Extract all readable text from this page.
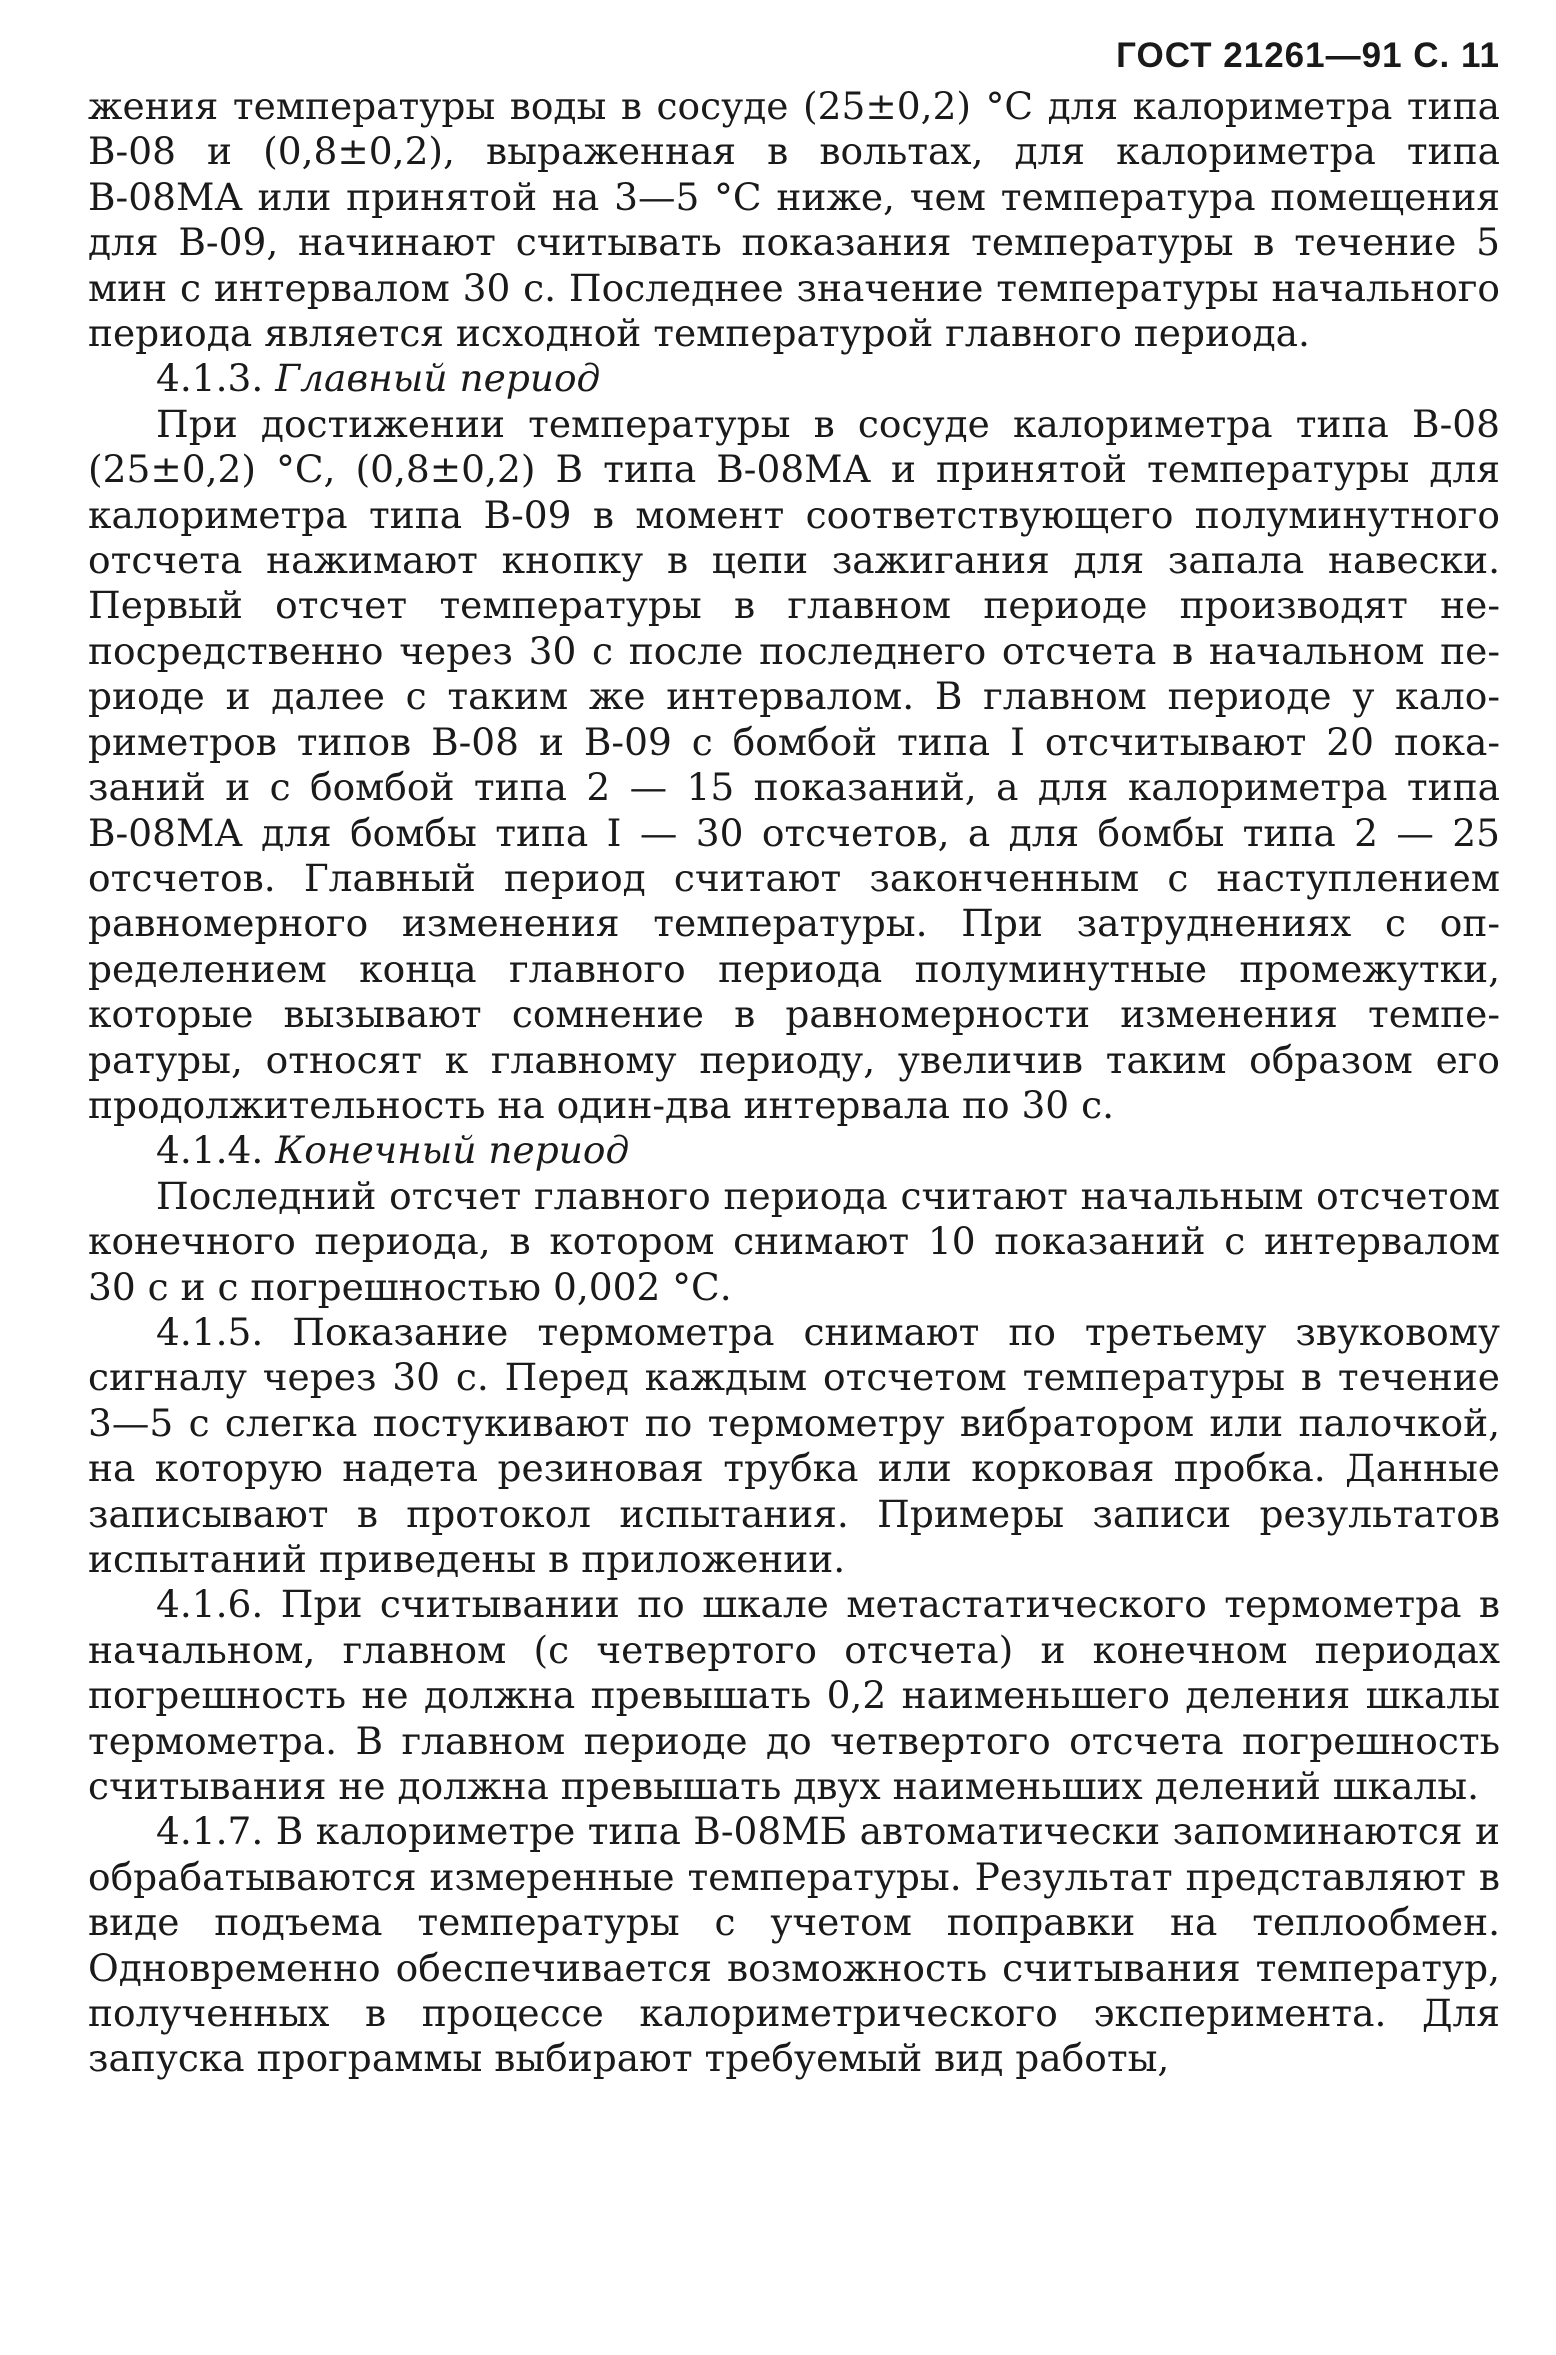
ГОСТ 21261—91 С. 11

жения температуры воды в сосуде (25±0,2) °С для калориметра типа В-08 и (0,8±0,2), выраженная в вольтах, для калориметра типа В-08МА или принятой на 3—5 °С ниже, чем температура помещения для В-09, начинают считывать показания температуры в течение 5 мин с интервалом 30 с. Последнее значение температуры начального периода является исходной температурой главного периода.

4.1.3. Главный период

При достижении температуры в сосуде калориметра типа В-08 (25±0,2) °С, (0,8±0,2) В типа В-08МА и принятой температуры для калориметра типа В-09 в момент соответствующего полуминутного отсчета нажимают кнопку в цепи зажигания для запала навески. Первый отсчет температуры в главном периоде производят непосредственно через 30 с после последнего отсчета в начальном периоде и далее с таким же интервалом. В главном периоде у калориметров типов В-08 и В-09 с бомбой типа I отсчитывают 20 показаний и с бомбой типа 2 — 15 показаний, а для калориметра типа В-08МА для бомбы типа I — 30 отсчетов, а для бомбы типа 2 — 25 отсчетов. Главный период считают законченным с наступлением равномерного изменения температуры. При затруднениях с определением конца главного периода полуминутные промежутки, которые вызывают сомнение в равномерности изменения температуры, относят к главному периоду, увеличив таким образом его продолжительность на один-два интервала по 30 с.

4.1.4. Конечный период

Последний отсчет главного периода считают начальным отсчетом конечного периода, в котором снимают 10 показаний с интервалом 30 с и с погрешностью 0,002 °С.

4.1.5. Показание термометра снимают по третьему звуковому сигналу через 30 с. Перед каждым отсчетом температуры в течение 3—5 с слегка постукивают по термометру вибратором или палочкой, на которую надета резиновая трубка или корковая пробка. Данные записывают в протокол испытания. Примеры записи результатов испытаний приведены в приложении.

4.1.6. При считывании по шкале метастатического термометра в начальном, главном (с четвертого отсчета) и конечном периодах погрешность не должна превышать 0,2 наименьшего деления шкалы термометра. В главном периоде до четвертого отсчета погрешность считывания не должна превышать двух наименьших делений шкалы.

4.1.7. В калориметре типа В-08МБ автоматически запоминаются и обрабатываются измеренные температуры. Результат представляют в виде подъема температуры с учетом поправки на теплообмен. Одновременно обеспечивается возможность считывания температур, полученных в процессе калориметрического эксперимента. Для запуска программы выбирают требуемый вид работы,
